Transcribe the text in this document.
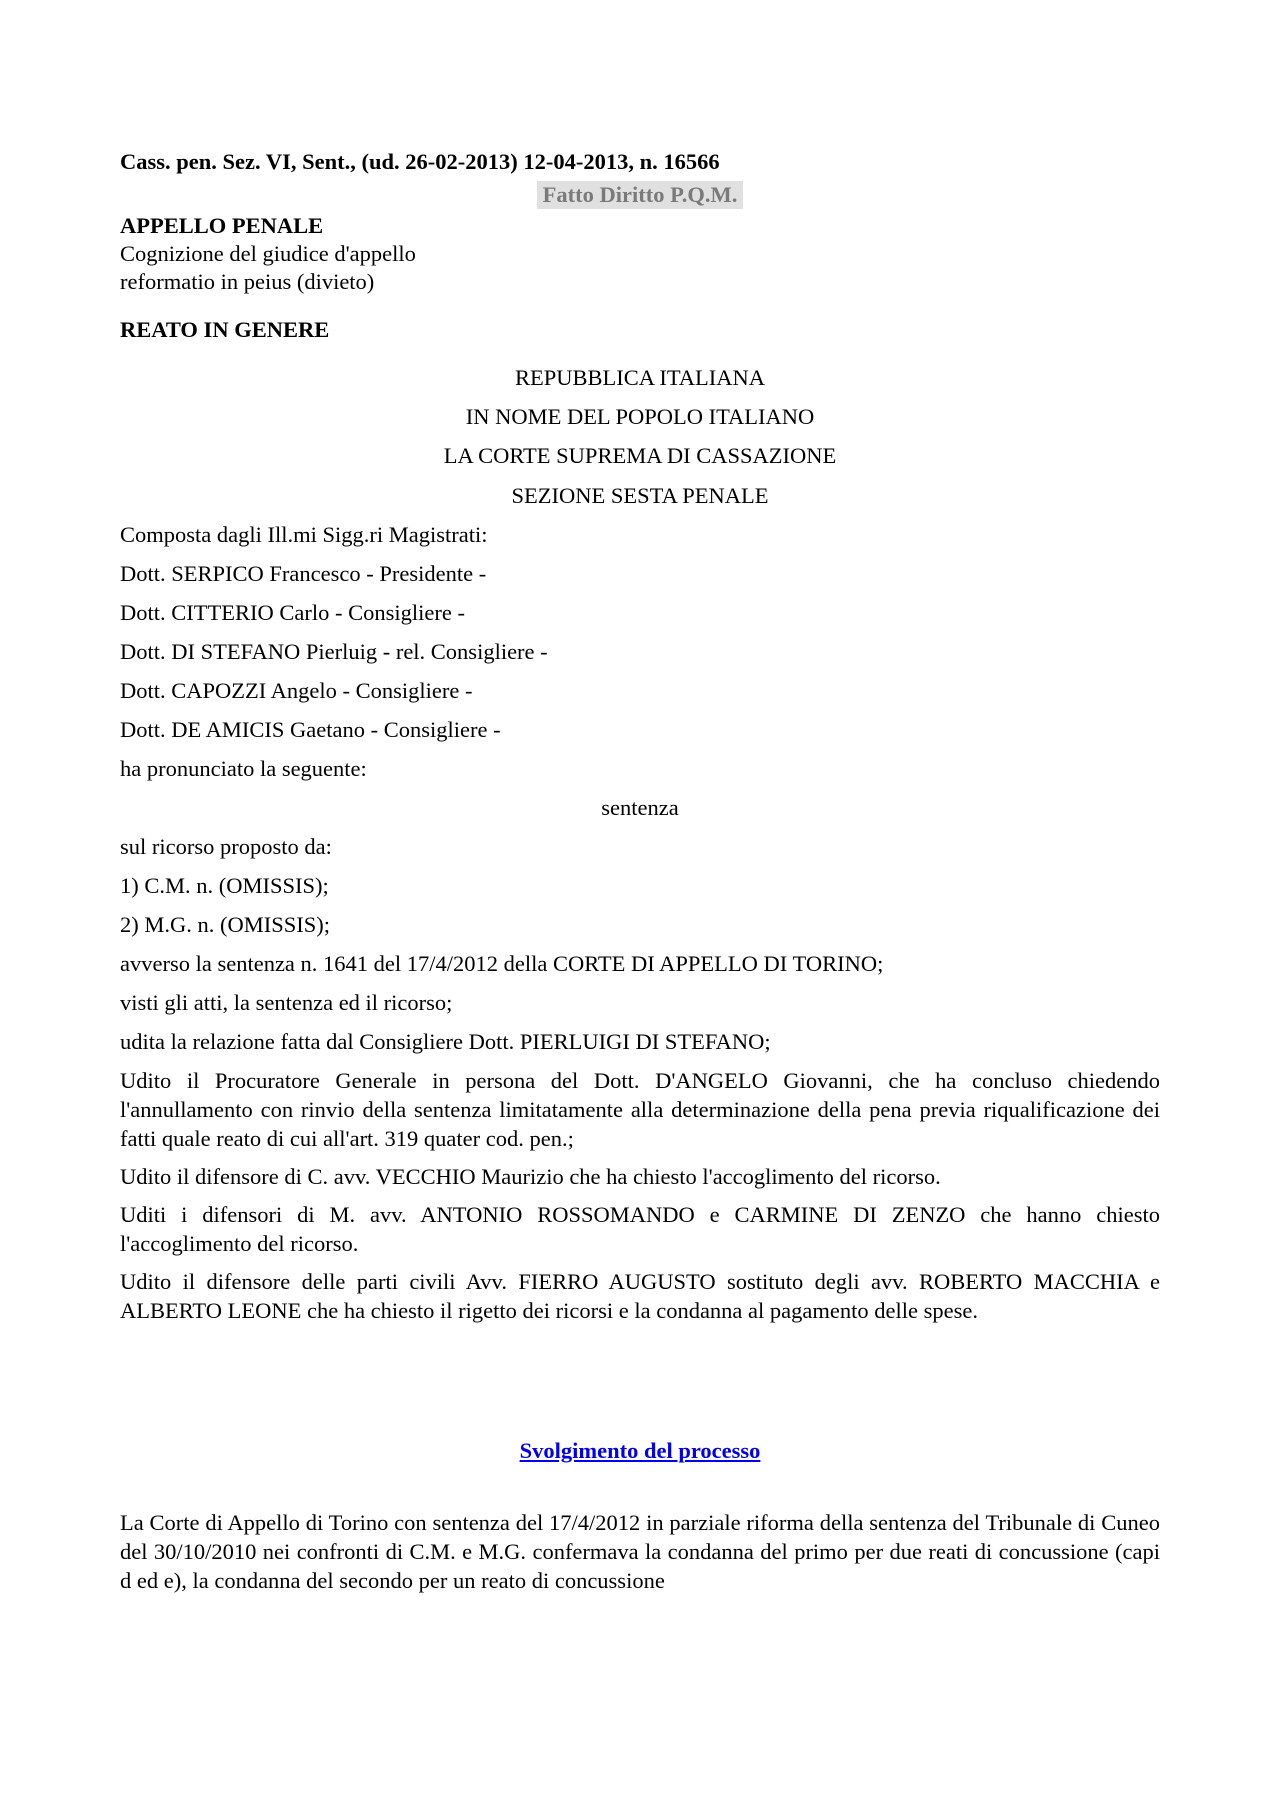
Cass. pen. Sez. VI, Sent., (ud. 26-02-2013) 12-04-2013, n. 16566
Fatto Diritto P.Q.M.
APPELLO PENALE
Cognizione del giudice d'appello
reformatio in peius (divieto)
REATO IN GENERE
REPUBBLICA ITALIANA
IN NOME DEL POPOLO ITALIANO
LA CORTE SUPREMA DI CASSAZIONE
SEZIONE SESTA PENALE
Composta dagli Ill.mi Sigg.ri Magistrati:
Dott. SERPICO Francesco - Presidente -
Dott. CITTERIO Carlo - Consigliere -
Dott. DI STEFANO Pierluig - rel. Consigliere -
Dott. CAPOZZI Angelo - Consigliere -
Dott. DE AMICIS Gaetano - Consigliere -
ha pronunciato la seguente:
sentenza
sul ricorso proposto da:
1) C.M. n. (OMISSIS);
2) M.G. n. (OMISSIS);
avverso la sentenza n. 1641 del 17/4/2012 della CORTE DI APPELLO DI TORINO;
visti gli atti, la sentenza ed il ricorso;
udita la relazione fatta dal Consigliere Dott. PIERLUIGI DI STEFANO;
Udito il Procuratore Generale in persona del Dott. D'ANGELO Giovanni, che ha concluso chiedendo l'annullamento con rinvio della sentenza limitatamente alla determinazione della pena previa riqualificazione dei fatti quale reato di cui all'art. 319 quater cod. pen.;
Udito il difensore di C. avv. VECCHIO Maurizio che ha chiesto l'accoglimento del ricorso.
Uditi i difensori di M. avv. ANTONIO ROSSOMANDO e CARMINE DI ZENZO che hanno chiesto l'accoglimento del ricorso.
Udito il difensore delle parti civili Avv. FIERRO AUGUSTO sostituto degli avv. ROBERTO MACCHIA e ALBERTO LEONE che ha chiesto il rigetto dei ricorsi e la condanna al pagamento delle spese.
Svolgimento del processo
La Corte di Appello di Torino con sentenza del 17/4/2012 in parziale riforma della sentenza del Tribunale di Cuneo del 30/10/2010 nei confronti di C.M. e M.G. confermava la condanna del primo per due reati di concussione (capi d ed e), la condanna del secondo per un reato di concussione
